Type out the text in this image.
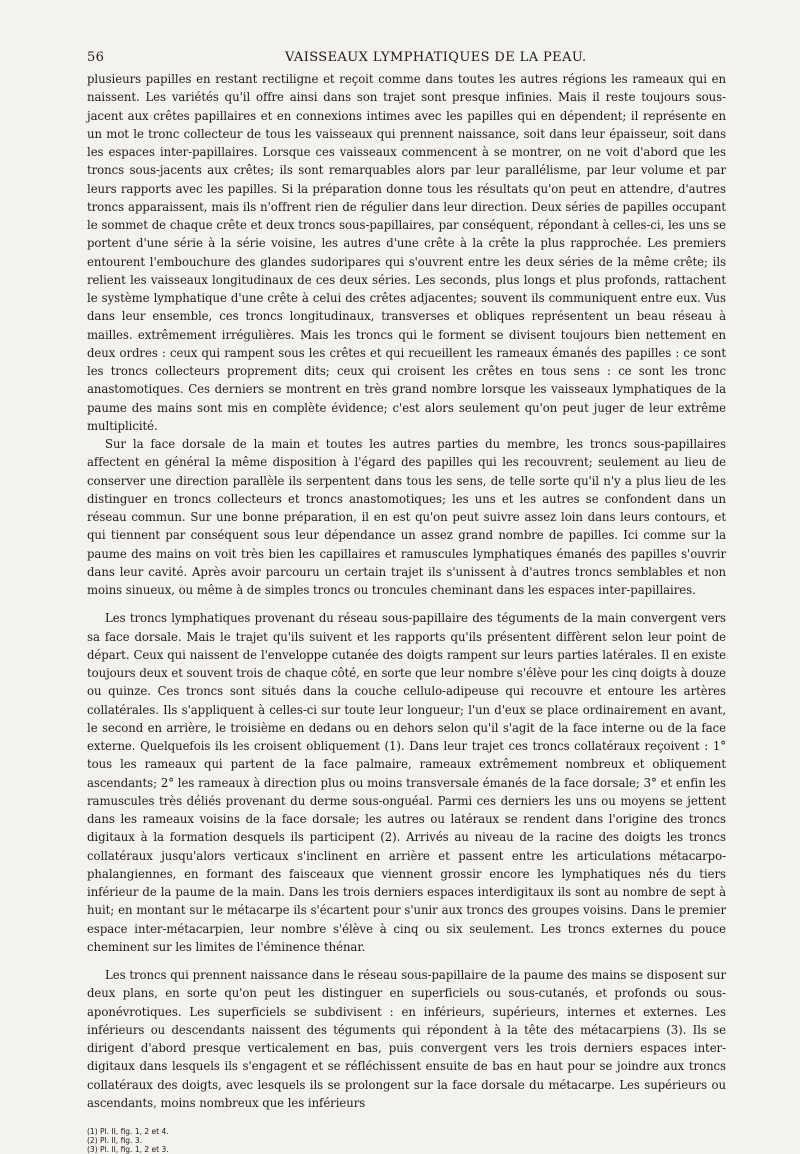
56	VAISSEAUX LYMPHATIQUES DE LA PEAU.

plusieurs papilles en restant rectiligne et reçoit comme dans toutes les autres régions les rameaux qui en naissent. Les variétés qu'il offre ainsi dans son trajet sont presque infinies. Mais il reste toujours sous-jacent aux crêtes papillaires et en connexions intimes avec les papilles qui en dépendent; il représente en un mot le tronc collecteur de tous les vaisseaux qui prennent naissance, soit dans leur épaisseur, soit dans les espaces inter-papillaires. Lorsque ces vaisseaux commencent à se montrer, on ne voit d'abord que les troncs sous-jacents aux crêtes; ils sont remarquables alors par leur parallélisme, par leur volume et par leurs rapports avec les papilles. Si la préparation donne tous les résultats qu'on peut en attendre, d'autres troncs apparaissent, mais ils n'offrent rien de régulier dans leur direction. Deux séries de papilles occupant le sommet de chaque crête et deux troncs sous-papillaires, par conséquent, répondant à celles-ci, les uns se portent d'une série à la série voisine, les autres d'une crête à la crête la plus rapprochée. Les premiers entourent l'embouchure des glandes sudoripares qui s'ouvrent entre les deux séries de la même crête; ils relient les vaisseaux longitudinaux de ces deux séries. Les seconds, plus longs et plus profonds, rattachent le système lymphatique d'une crête à celui des crêtes adjacentes; souvent ils communiquent entre eux. Vus dans leur ensemble, ces troncs longitudinaux, transverses et obliques représentent un beau réseau à mailles. extrêmement irrégulières. Mais les troncs qui le forment se divisent toujours bien nettement en deux ordres : ceux qui rampent sous les crêtes et qui recueillent les rameaux émanés des papilles : ce sont les troncs collecteurs proprement dits; ceux qui croisent les crêtes en tous sens : ce sont les tronc anastomotiques. Ces derniers se montrent en très grand nombre lorsque les vaisseaux lymphatiques de la paume des mains sont mis en complète évidence; c'est alors seulement qu'on peut juger de leur extrême multiplicité.

Sur la face dorsale de la main et toutes les autres parties du membre, les troncs sous-papillaires affectent en général la même disposition à l'égard des papilles qui les recouvrent; seulement au lieu de conserver une direction parallèle ils serpentent dans tous les sens, de telle sorte qu'il n'y a plus lieu de les distinguer en troncs collecteurs et troncs anastomotiques; les uns et les autres se confondent dans un réseau commun. Sur une bonne préparation, il en est qu'on peut suivre assez loin dans leurs contours, et qui tiennent par conséquent sous leur dépendance un assez grand nombre de papilles. Ici comme sur la paume des mains on voit très bien les capillaires et ramuscules lymphatiques émanés des papilles s'ouvrir dans leur cavité. Après avoir parcouru un certain trajet ils s'unissent à d'autres troncs semblables et non moins sinueux, ou même à de simples troncs ou troncules cheminant dans les espaces inter-papillaires.

Les troncs lymphatiques provenant du réseau sous-papillaire des téguments de la main convergent vers sa face dorsale. Mais le trajet qu'ils suivent et les rapports qu'ils présentent diffèrent selon leur point de départ. Ceux qui naissent de l'enveloppe cutanée des doigts rampent sur leurs parties latérales. Il en existe toujours deux et souvent trois de chaque côté, en sorte que leur nombre s'élève pour les cinq doigts à douze ou quinze. Ces troncs sont situés dans la couche cellulo-adipeuse qui recouvre et entoure les artères collatérales. Ils s'appliquent à celles-ci sur toute leur longueur; l'un d'eux se place ordinairement en avant, le second en arrière, le troisième en dedans ou en dehors selon qu'il s'agit de la face interne ou de la face externe. Quelquefois ils les croisent obliquement (1). Dans leur trajet ces troncs collatéraux reçoivent : 1° tous les rameaux qui partent de la face palmaire, rameaux extrêmement nombreux et obliquement ascendants; 2° les rameaux à direction plus ou moins transversale émanés de la face dorsale; 3° et enfin les ramuscules très déliés provenant du derme sous-onguéal. Parmi ces derniers les uns ou moyens se jettent dans les rameaux voisins de la face dorsale; les autres ou latéraux se rendent dans l'origine des troncs digitaux à la formation desquels ils participent (2). Arrivés au niveau de la racine des doigts les troncs collatéraux jusqu'alors verticaux s'inclinent en arrière et passent entre les articulations métacarpo-phalangiennes, en formant des faisceaux que viennent grossir encore les lymphatiques nés du tiers inférieur de la paume de la main. Dans les trois derniers espaces interdigitaux ils sont au nombre de sept à huit; en montant sur le métacarpe ils s'écartent pour s'unir aux troncs des groupes voisins. Dans le premier espace inter-métacarpien, leur nombre s'élève à cinq ou six seulement. Les troncs externes du pouce cheminent sur les limites de l'éminence thénar.

Les troncs qui prennent naissance dans le réseau sous-papillaire de la paume des mains se disposent sur deux plans, en sorte qu'on peut les distinguer en superficiels ou sous-cutanés, et profonds ou sous-aponévrotiques. Les superficiels se subdivisent : en inférieurs, supérieurs, internes et externes. Les inférieurs ou descendants naissent des téguments qui répondent à la tête des métacarpiens (3). Ils se dirigent d'abord presque verticalement en bas, puis convergent vers les trois derniers espaces inter-digitaux dans lesquels ils s'engagent et se réfléchissent ensuite de bas en haut pour se joindre aux troncs collatéraux des doigts, avec lesquels ils se prolongent sur la face dorsale du métacarpe. Les supérieurs ou ascendants, moins nombreux que les inférieurs

(1) Pl. II, fig. 1, 2 et 4.
(2) Pl. II, fig. 3.
(3) Pl. II, fig. 1, 2 et 3.
